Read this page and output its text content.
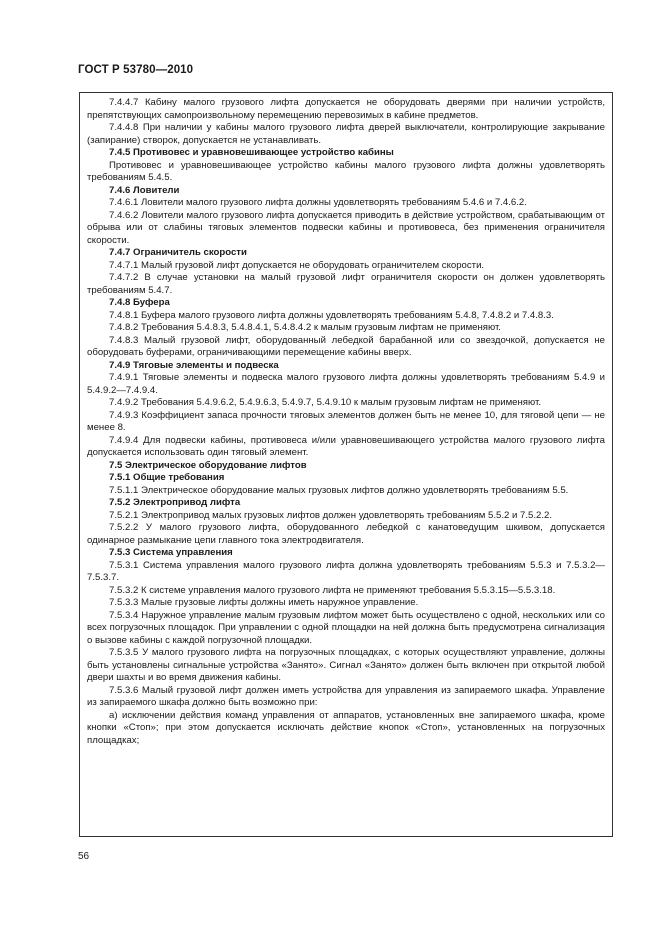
ГОСТ Р 53780—2010

7.4.4.7 Кабину малого грузового лифта допускается не оборудовать дверями при наличии устройств, препятствующих самопроизвольному перемещению перевозимых в кабине предметов.

7.4.4.8 При наличии у кабины малого грузового лифта дверей выключатели, контролирующие закрывание (запирание) створок, допускается не устанавливать.

7.4.5 Противовес и уравновешивающее устройство кабины

Противовес и уравновешивающее устройство кабины малого грузового лифта должны удовлетворять требованиям 5.4.5.

7.4.6 Ловители

7.4.6.1 Ловители малого грузового лифта должны удовлетворять требованиям 5.4.6 и 7.4.6.2.

7.4.6.2 Ловители малого грузового лифта допускается приводить в действие устройством, срабатывающим от обрыва или от слабины тяговых элементов подвески кабины и противовеса, без применения ограничителя скорости.

7.4.7 Ограничитель скорости

7.4.7.1 Малый грузовой лифт допускается не оборудовать ограничителем скорости.

7.4.7.2 В случае установки на малый грузовой лифт ограничителя скорости он должен удовлетворять требованиям 5.4.7.

7.4.8 Буфера

7.4.8.1 Буфера малого грузового лифта должны удовлетворять требованиям 5.4.8, 7.4.8.2 и 7.4.8.3.

7.4.8.2 Требования 5.4.8.3, 5.4.8.4.1, 5.4.8.4.2 к малым грузовым лифтам не применяют.

7.4.8.3 Малый грузовой лифт, оборудованный лебедкой барабанной или со звездочкой, допускается не оборудовать буферами, ограничивающими перемещение кабины вверх.

7.4.9 Тяговые элементы и подвеска

7.4.9.1 Тяговые элементы и подвеска малого грузового лифта должны удовлетворять требованиям 5.4.9 и 5.4.9.2—7.4.9.4.

7.4.9.2 Требования 5.4.9.6.2, 5.4.9.6.3, 5.4.9.7, 5.4.9.10 к малым грузовым лифтам не применяют.

7.4.9.3 Коэффициент запаса прочности тяговых элементов должен быть не менее 10, для тяговой цепи — не менее 8.

7.4.9.4 Для подвески кабины, противовеса и/или уравновешивающего устройства малого грузового лифта допускается использовать один тяговый элемент.

7.5 Электрическое оборудование лифтов

7.5.1 Общие требования

7.5.1.1 Электрическое оборудование малых грузовых лифтов должно удовлетворять требованиям 5.5.

7.5.2 Электропривод лифта

7.5.2.1 Электропривод малых грузовых лифтов должен удовлетворять требованиям 5.5.2 и 7.5.2.2.

7.5.2.2 У малого грузового лифта, оборудованного лебедкой с канатоведущим шкивом, допускается одинарное размыкание цепи главного тока электродвигателя.

7.5.3 Система управления

7.5.3.1 Система управления малого грузового лифта должна удовлетворять требованиям 5.5.3 и 7.5.3.2—7.5.3.7.

7.5.3.2 К системе управления малого грузового лифта не применяют требования 5.5.3.15—5.5.3.18.

7.5.3.3 Малые грузовые лифты должны иметь наружное управление.

7.5.3.4 Наружное управление малым грузовым лифтом может быть осуществлено с одной, нескольких или со всех погрузочных площадок. При управлении с одной площадки на ней должна быть предусмотрена сигнализация о вызове кабины с каждой погрузочной площадки.

7.5.3.5 У малого грузового лифта на погрузочных площадках, с которых осуществляют управление, должны быть установлены сигнальные устройства «Занято». Сигнал «Занято» должен быть включен при открытой любой двери шахты и во время движения кабины.

7.5.3.6 Малый грузовой лифт должен иметь устройства для управления из запираемого шкафа. Управление из запираемого шкафа должно быть возможно при:

а) исключении действия команд управления от аппаратов, установленных вне запираемого шкафа, кроме кнопки «Стоп»; при этом допускается исключать действие кнопок «Стоп», установленных на погрузочных площадках;

56
